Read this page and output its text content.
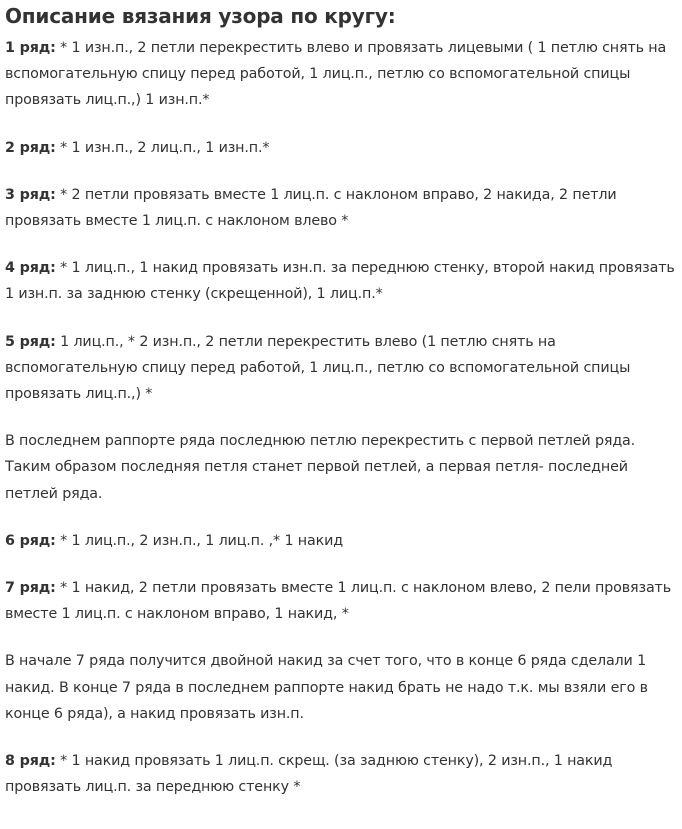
Описание вязания узора по кругу:

1 ряд: * 1 изн.п., 2 петли перекрестить влево и провязать лицевыми ( 1 петлю снять на вспомогательную спицу перед работой, 1 лиц.п., петлю со вспомогательной спицы провязать лиц.п.,) 1 изн.п.*

2 ряд: * 1 изн.п., 2 лиц.п., 1 изн.п.*

3 ряд: * 2 петли провязать вместе 1 лиц.п. с наклоном вправо, 2 накида, 2 петли провязать вместе 1 лиц.п. с наклоном влево *

4 ряд: * 1 лиц.п., 1 накид провязать изн.п. за переднюю стенку, второй накид провязать 1 изн.п. за заднюю стенку (скрещенной), 1 лиц.п.*

5 ряд: 1 лиц.п., * 2 изн.п., 2 петли перекрестить влево (1 петлю снять на вспомогательную спицу перед работой, 1 лиц.п., петлю со вспомогательной спицы провязать лиц.п.,) *

В последнем раппорте ряда последнюю петлю перекрестить с первой петлей ряда. Таким образом последняя петля станет первой петлей, а первая петля- последней петлей ряда.

6 ряд: * 1 лиц.п., 2 изн.п., 1 лиц.п. ,* 1 накид

7 ряд: * 1 накид, 2 петли провязать вместе 1 лиц.п. с наклоном влево, 2 пели провязать вместе 1 лиц.п. с наклоном вправо, 1 накид, *

В начале 7 ряда получится двойной накид за счет того, что в конце 6 ряда сделали 1 накид. В конце 7 ряда в последнем раппорте накид брать не надо т.к. мы взяли его в конце 6 ряда), а накид провязать изн.п.

8 ряд: * 1 накид провязать 1 лиц.п. скрещ. (за заднюю стенку), 2 изн.п., 1 накид провязать лиц.п. за переднюю стенку *
